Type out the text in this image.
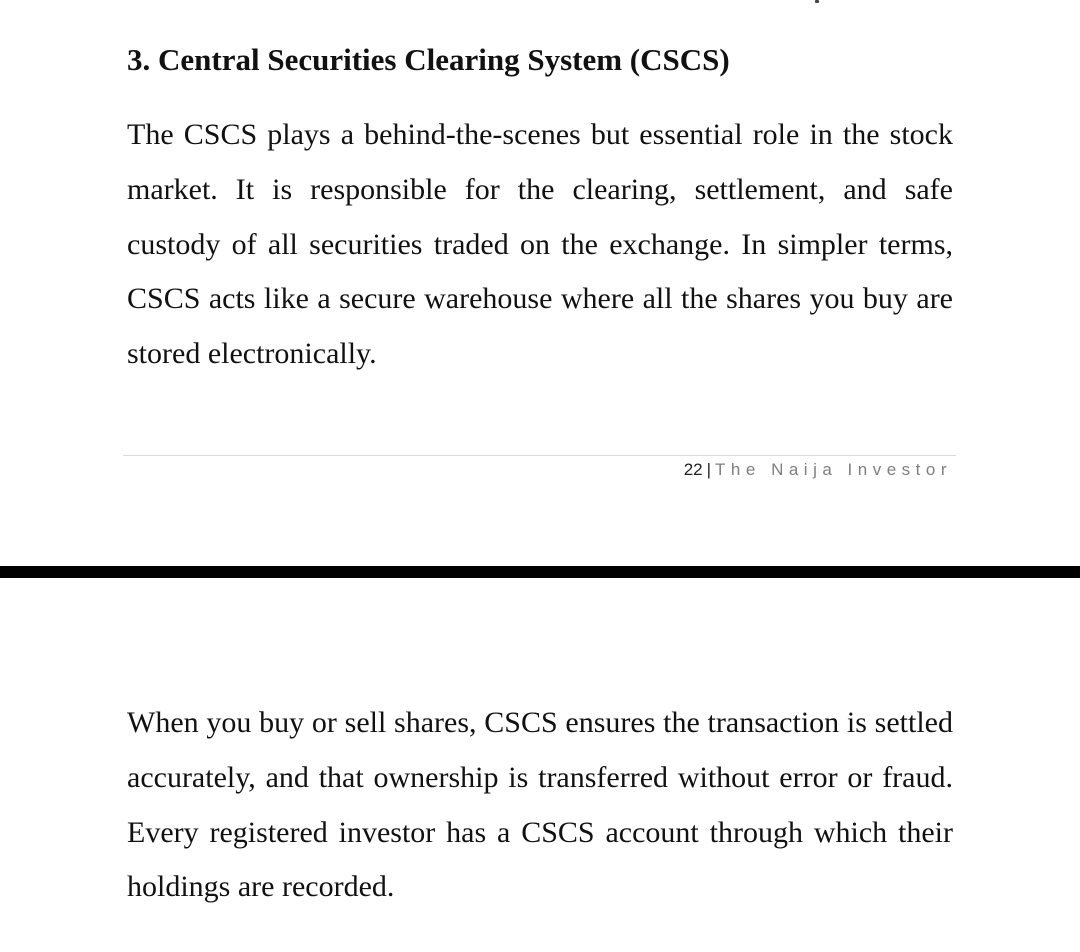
3. Central Securities Clearing System (CSCS)

The CSCS plays a behind-the-scenes but essential role in the stock market. It is responsible for the clearing, settlement, and safe custody of all securities traded on the exchange. In simpler terms, CSCS acts like a secure warehouse where all the shares you buy are stored electronically.

22 | The Naija Investor

When you buy or sell shares, CSCS ensures the transaction is settled accurately, and that ownership is transferred without error or fraud. Every registered investor has a CSCS account through which their holdings are recorded.
